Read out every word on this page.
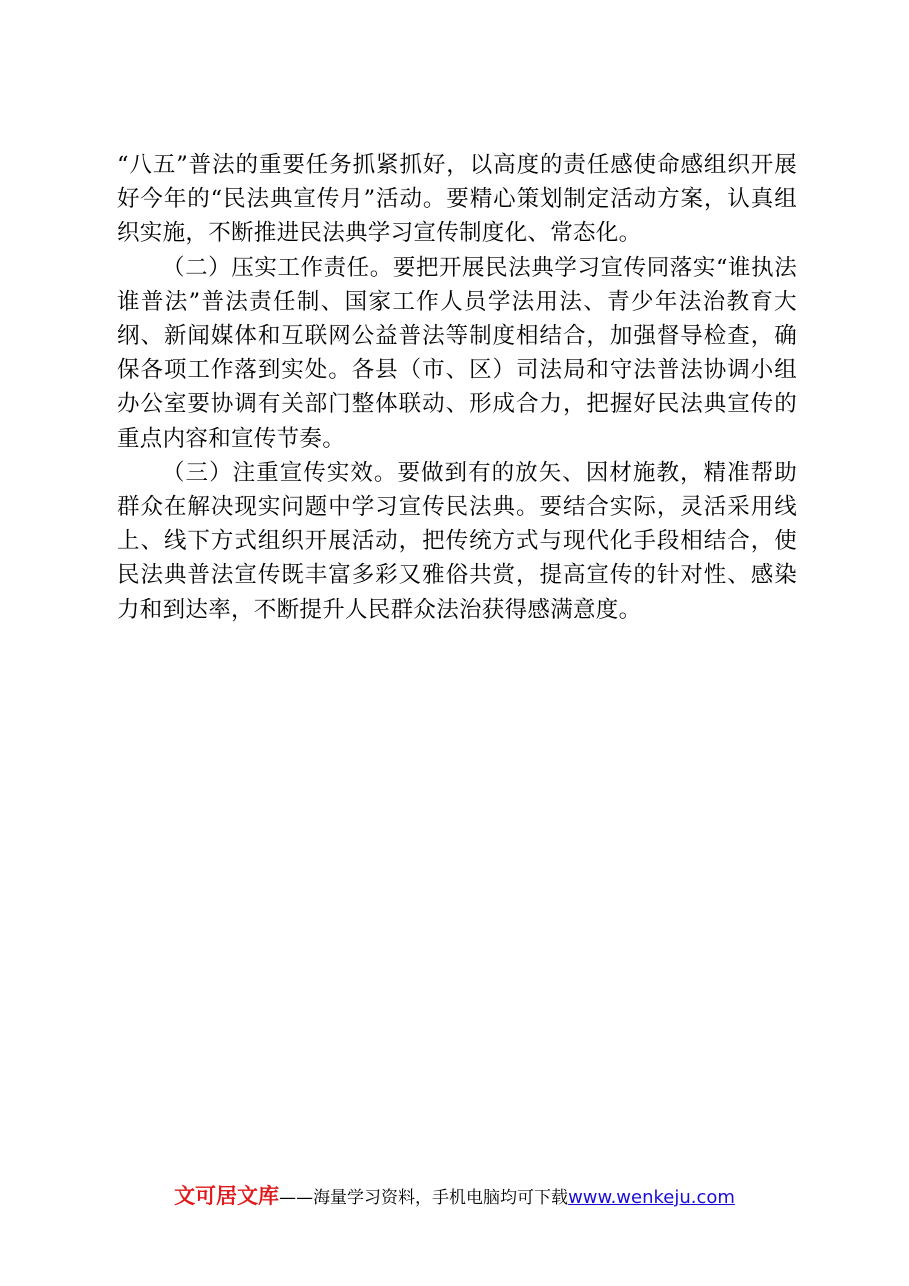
“八五”普法的重要任务抓紧抓好，以高度的责任感使命感组织开展好今年的“民法典宣传月”活动。要精心策划制定活动方案，认真组织实施，不断推进民法典学习宣传制度化、常态化。

（二）压实工作责任。要把开展民法典学习宣传同落实“谁执法谁普法”普法责任制、国家工作人员学法用法、青少年法治教育大纲、新闻媒体和互联网公益普法等制度相结合，加强督导检查，确保各项工作落到实处。各县（市、区）司法局和守法普法协调小组办公室要协调有关部门整体联动、形成合力，把握好民法典宣传的重点内容和宣传节奏。

（三）注重宣传实效。要做到有的放矢、因材施教，精准帮助群众在解决现实问题中学习宣传民法典。要结合实际，灵活采用线上、线下方式组织开展活动，把传统方式与现代化手段相结合，使民法典普法宣传既丰富多彩又雅俗共赏，提高宣传的针对性、感染力和到达率，不断提升人民群众法治获得感满意度。

文可居文库——海量学习资料，手机电脑均可下载www.wenkeju.com
